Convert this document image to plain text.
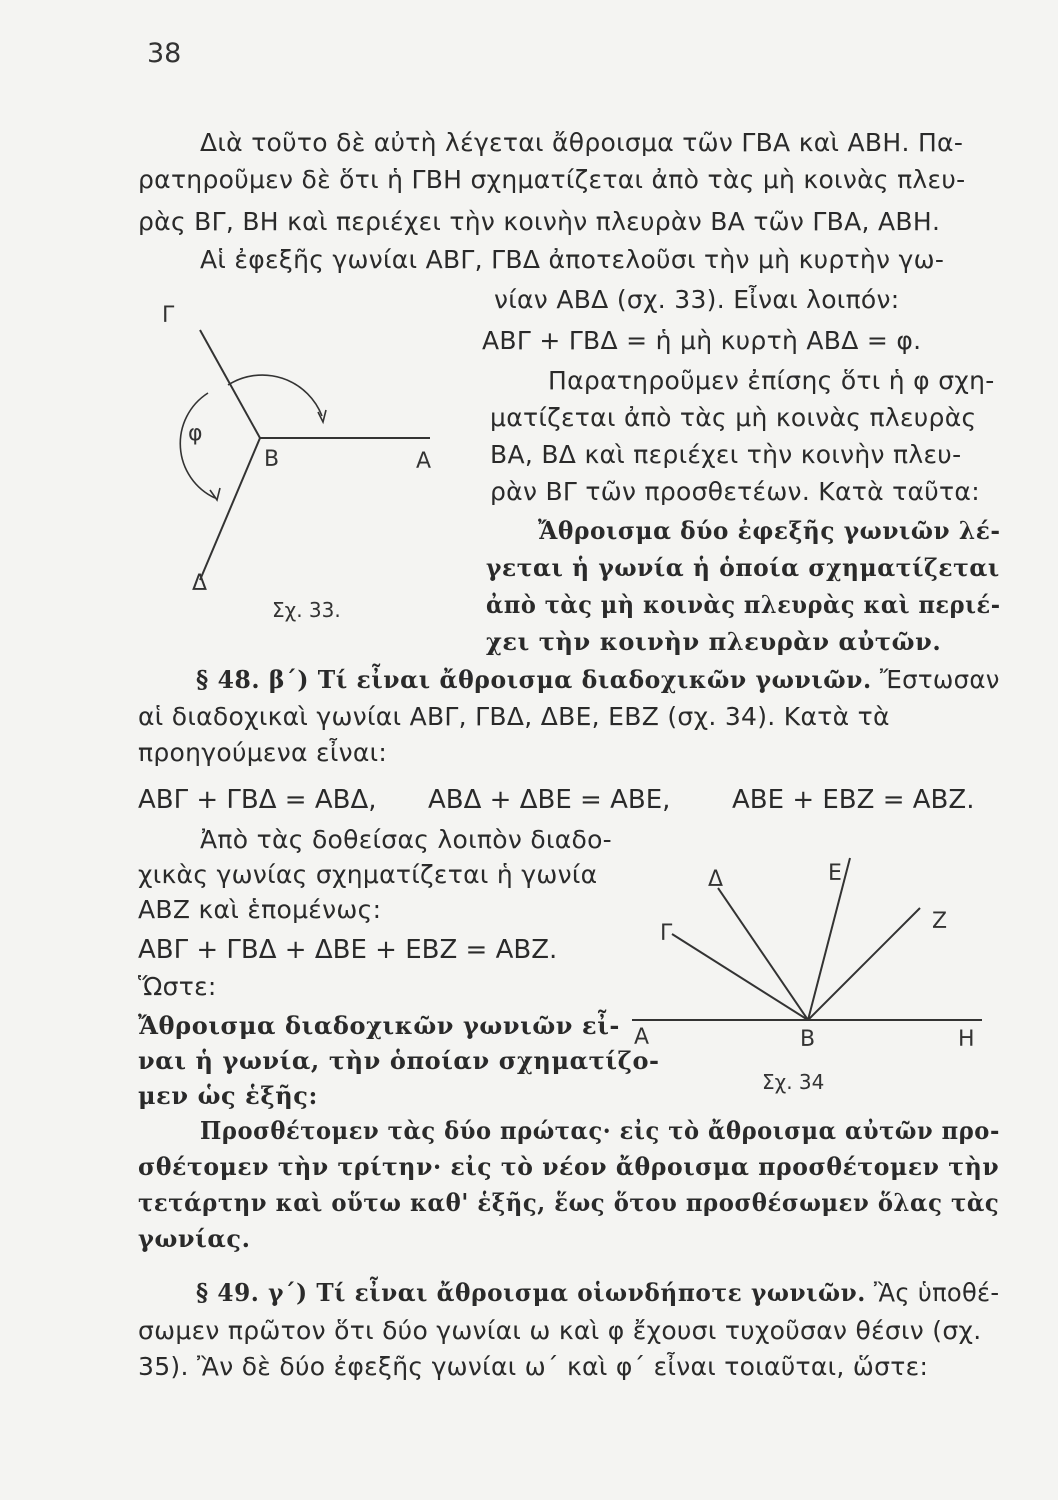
38
Διὰ τοῦτο δὲ αὐτὴ λέγεται ἄθροισμα τῶν ΓΒΑ καὶ ΑΒΗ. Πα-
ρατηροῦμεν δὲ ὅτι ἡ ΓΒΗ σχηματίζεται ἀπὸ τὰς μὴ κοινὰς πλευ-
ρὰς ΒΓ, ΒΗ καὶ περιέχει τὴν κοινὴν πλευρὰν ΒΑ τῶν ΓΒΑ, ΑΒΗ.
Αἱ ἐφεξῆς γωνίαι ΑΒΓ, ΓΒΔ ἀποτελοῦσι τὴν μὴ κυρτὴν γω-
νίαν ΑΒΔ (σχ. 33). Εἶναι λοιπόν:
ΑΒΓ + ΓΒΔ = ἡ μὴ κυρτὴ ΑΒΔ = φ.
Παρατηροῦμεν ἐπίσης ὅτι ἡ φ σχη-
ματίζεται ἀπὸ τὰς μὴ κοινὰς πλευρὰς
ΒΑ, ΒΔ καὶ περιέχει τὴν κοινὴν πλευ-
ρὰν ΒΓ τῶν προσθετέων. Κατὰ ταῦτα:
Ἄθροισμα δύο ἐφεξῆς γωνιῶν λέ-
γεται ἡ γωνία ἡ ὁποία σχηματίζεται
ἀπὸ τὰς μὴ κοινὰς πλευρὰς καὶ περιέ-
χει τὴν κοινὴν πλευρὰν αὐτῶν.
Γ
φ
Β	Α
Δ
Σχ. 33.
§ 48. β΄) Τί εἶναι ἄθροισμα διαδοχικῶν γωνιῶν. Ἔστωσαν
αἱ διαδοχικαὶ γωνίαι ΑΒΓ, ΓΒΔ, ΔΒΕ, ΕΒΖ (σχ. 34). Κατὰ τὰ
προηγούμενα εἶναι:
ΑΒΓ + ΓΒΔ = ΑΒΔ, ΑΒΔ + ΔΒΕ = ΑΒΕ, ΑΒΕ + ΕΒΖ = ΑΒΖ.
Ἀπὸ τὰς δοθείσας λοιπὸν διαδο-
χικὰς γωνίας σχηματίζεται ἡ γωνία
ΑΒΖ καὶ ἑπομένως:
ΑΒΓ + ΓΒΔ + ΔΒΕ + ΕΒΖ = ΑΒΖ.
Ὥστε:
Ἄθροισμα διαδοχικῶν γωνιῶν εἶ-
ναι ἡ γωνία, τὴν ὁποίαν σχηματίζο-
μεν ὡς ἑξῆς:
Δ	Ε
Γ	Ζ
Α	Β	Η
Σχ. 34
Προσθέτομεν τὰς δύο πρώτας· εἰς τὸ ἄθροισμα αὐτῶν προ-
σθέτομεν τὴν τρίτην· εἰς τὸ νέον ἄθροισμα προσθέτομεν τὴν
τετάρτην καὶ οὕτω καθ' ἑξῆς, ἕως ὅτου προσθέσωμεν ὅλας τὰς
γωνίας.
§ 49. γ΄) Τί εἶναι ἄθροισμα οἱωνδήποτε γωνιῶν. Ἂς ὑποθέ-
σωμεν πρῶτον ὅτι δύο γωνίαι ω καὶ φ ἔχουσι τυχοῦσαν θέσιν (σχ.
35). Ἂν δὲ δύο ἐφεξῆς γωνίαι ω΄ καὶ φ΄ εἶναι τοιαῦται, ὥστε:
